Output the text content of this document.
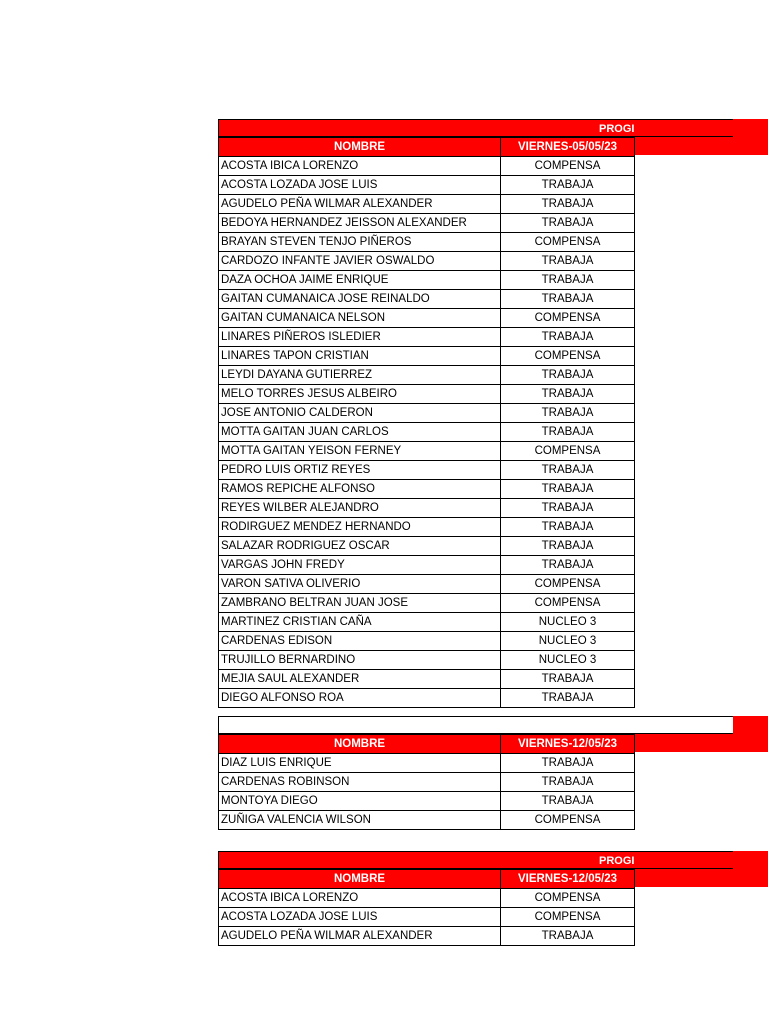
PROGI
NOMBRE	VIERNES-05/05/23
ACOSTA IBICA LORENZO	COMPENSA
ACOSTA LOZADA JOSE LUIS	TRABAJA
AGUDELO PEÑA WILMAR ALEXANDER	TRABAJA
BEDOYA HERNANDEZ JEISSON ALEXANDER	TRABAJA
BRAYAN STEVEN TENJO PIÑEROS	COMPENSA
CARDOZO INFANTE JAVIER OSWALDO	TRABAJA
DAZA OCHOA JAIME ENRIQUE	TRABAJA
GAITAN CUMANAICA JOSE REINALDO	TRABAJA
GAITAN CUMANAICA NELSON	COMPENSA
LINARES PIÑEROS ISLEDIER	TRABAJA
LINARES TAPON CRISTIAN	COMPENSA
LEYDI DAYANA GUTIERREZ	TRABAJA
MELO TORRES JESUS ALBEIRO	TRABAJA
JOSE ANTONIO CALDERON	TRABAJA
MOTTA GAITAN JUAN CARLOS	TRABAJA
MOTTA GAITAN YEISON FERNEY	COMPENSA
PEDRO LUIS ORTIZ REYES	TRABAJA
RAMOS REPICHE ALFONSO	TRABAJA
REYES WILBER ALEJANDRO	TRABAJA
RODIRGUEZ MENDEZ HERNANDO	TRABAJA
SALAZAR RODRIGUEZ OSCAR	TRABAJA
VARGAS JOHN FREDY	TRABAJA
VARON SATIVA OLIVERIO	COMPENSA
ZAMBRANO BELTRAN JUAN JOSE	COMPENSA
MARTINEZ CRISTIAN CAÑA	NUCLEO 3
CARDENAS EDISON	NUCLEO 3
TRUJILLO BERNARDINO	NUCLEO 3
MEJIA SAUL ALEXANDER	TRABAJA
DIEGO ALFONSO ROA	TRABAJA
PRO
NOMBRE	VIERNES-12/05/23
DIAZ LUIS ENRIQUE	TRABAJA
CARDENAS ROBINSON	TRABAJA
MONTOYA DIEGO	TRABAJA
ZUÑIGA VALENCIA WILSON	COMPENSA
PROGI
NOMBRE	VIERNES-12/05/23
ACOSTA IBICA LORENZO	COMPENSA
ACOSTA LOZADA JOSE LUIS	COMPENSA
AGUDELO PEÑA WILMAR ALEXANDER	TRABAJA
